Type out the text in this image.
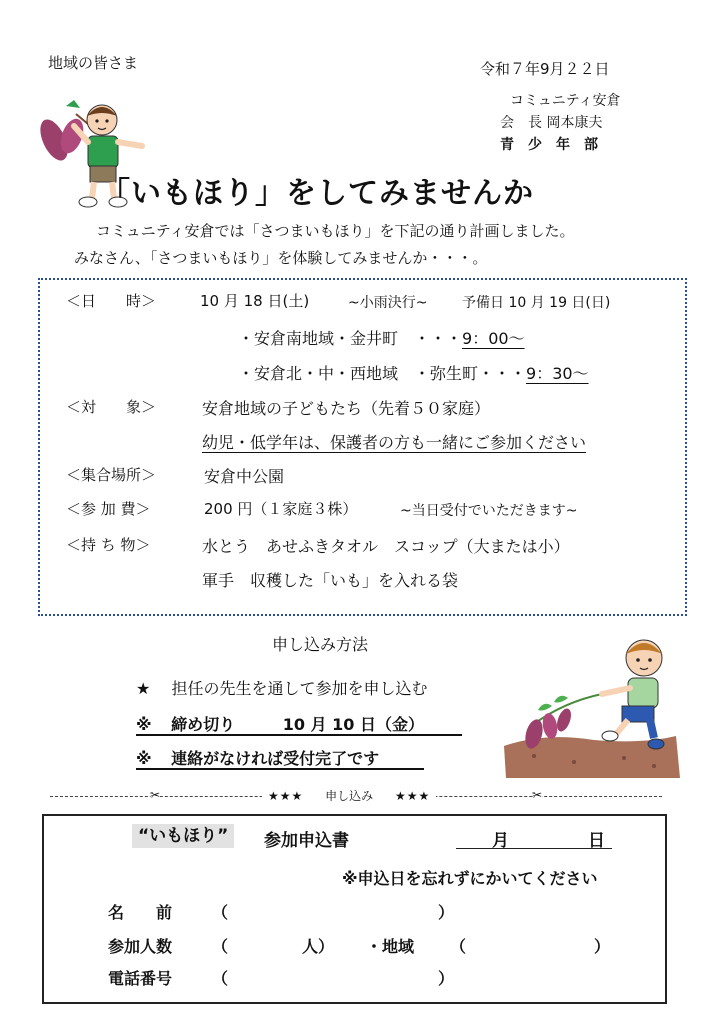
地域の皆さま	令和７年9月２２日
コミュニティ安倉
会　長 岡本康夫
青　少　年　部
「いもほり」をしてみませんか
コミュニティ安倉では「さつまいもほり」を下記の通り計画しました。
みなさん、「さつまいもほり」を体験してみませんか・・・。
＜日　　時＞	10 月 18 日(土)	~小雨決行~ 予備日 10 月 19 日(日)
・安倉南地域・金井町　・・・9：00～
・安倉北・中・西地域　・弥生町・・・9：30～
＜対　　象＞	安倉地域の子どもたち（先着５０家庭）
幼児・低学年は、保護者の方も一緒にご参加ください
＜集合場所＞	安倉中公園
＜参 加 費＞	200 円（１家庭３株）	~当日受付でいただきます~
＜持 ち 物＞	水とう　あせふきタオル　スコップ（大または小）
軍手　収穫した「いも」を入れる袋
申し込み方法
★ 担任の先生を通して参加を申し込む
※ 締め切り	10 月 10 日（金）
※ 連絡がなければ受付完了です
✂	✂
★★★ 申し込み ★★★
“いもほり”	参加申込書	月	日
※申込日を忘れずにかいてください
名　　前 （	）
参加人数 （	人） ・地域 （	）
電話番号 （	）
